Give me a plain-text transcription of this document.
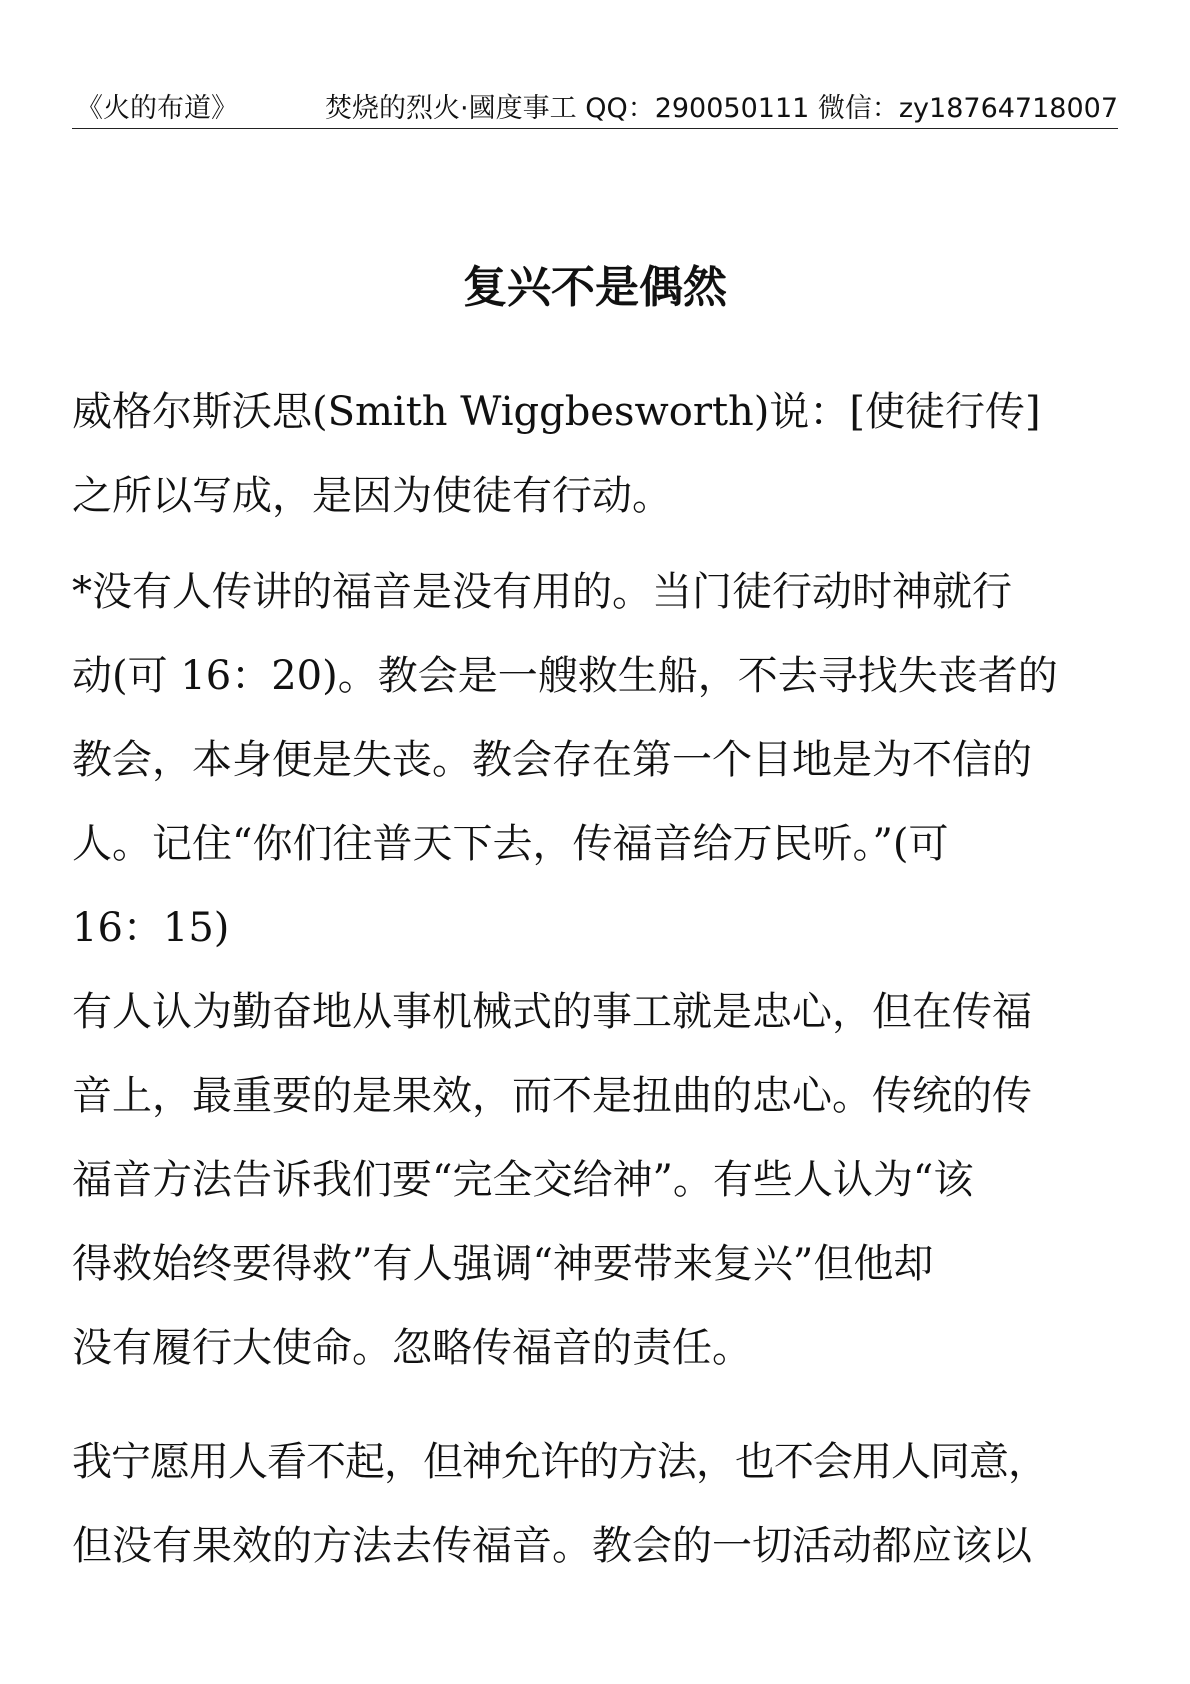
《火的布道》	焚烧的烈火·國度事工 QQ：290050111 微信：zy18764718007
复兴不是偶然
威格尔斯沃思(Smith Wiggbesworth)说：[使徒行传]
之所以写成，是因为使徒有行动。
*没有人传讲的福音是没有用的。当门徒行动时神就行
动(可 16：20)。教会是一艘救生船，不去寻找失丧者的
教会，本身便是失丧。教会存在第一个目地是为不信的
人。记住“你们往普天下去，传福音给万民听。”(可
16：15)
有人认为勤奋地从事机械式的事工就是忠心，但在传福
音上，最重要的是果效，而不是扭曲的忠心。传统的传
福音方法告诉我们要“完全交给神”。有些人认为“该
得救始终要得救”有人强调“神要带来复兴”但他却
没有履行大使命。忽略传福音的责任。
我宁愿用人看不起，但神允许的方法，也不会用人同意，
但没有果效的方法去传福音。教会的一切活动都应该以
